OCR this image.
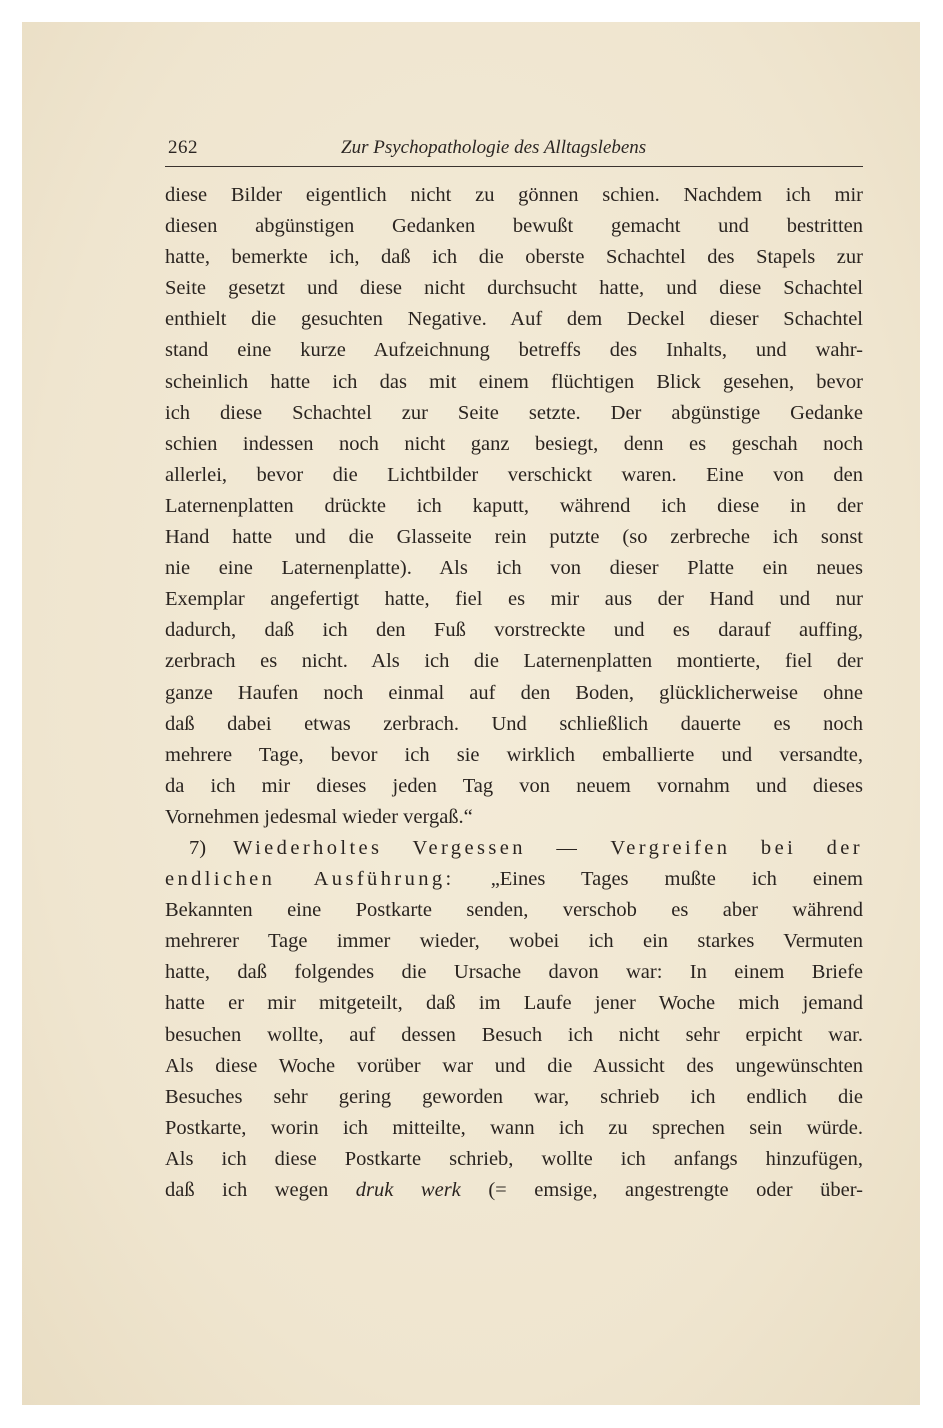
262	Zur Psychopathologie des Alltagslebens
diese Bilder eigentlich nicht zu gönnen schien. Nachdem ich mir
diesen abgünstigen Gedanken bewußt gemacht und bestritten
hatte, bemerkte ich, daß ich die oberste Schachtel des Stapels zur
Seite gesetzt und diese nicht durchsucht hatte, und diese Schachtel
enthielt die gesuchten Negative. Auf dem Deckel dieser Schachtel
stand eine kurze Aufzeichnung betreffs des Inhalts, und wahr-
scheinlich hatte ich das mit einem flüchtigen Blick gesehen, bevor
ich diese Schachtel zur Seite setzte. Der abgünstige Gedanke
schien indessen noch nicht ganz besiegt, denn es geschah noch
allerlei, bevor die Lichtbilder verschickt waren. Eine von den
Laternenplatten drückte ich kaputt, während ich diese in der
Hand hatte und die Glasseite rein putzte (so zerbreche ich sonst
nie eine Laternenplatte). Als ich von dieser Platte ein neues
Exemplar angefertigt hatte, fiel es mir aus der Hand und nur
dadurch, daß ich den Fuß vorstreckte und es darauf auffing,
zerbrach es nicht. Als ich die Laternenplatten montierte, fiel der
ganze Haufen noch einmal auf den Boden, glücklicherweise ohne
daß dabei etwas zerbrach. Und schließlich dauerte es noch
mehrere Tage, bevor ich sie wirklich emballierte und versandte,
da ich mir dieses jeden Tag von neuem vornahm und dieses
Vornehmen jedesmal wieder vergaß.“
7) Wiederholtes Vergessen — Vergreifen bei der
endlichen Ausführung: „Eines Tages mußte ich einem
Bekannten eine Postkarte senden, verschob es aber während
mehrerer Tage immer wieder, wobei ich ein starkes Vermuten
hatte, daß folgendes die Ursache davon war: In einem Briefe
hatte er mir mitgeteilt, daß im Laufe jener Woche mich jemand
besuchen wollte, auf dessen Besuch ich nicht sehr erpicht war.
Als diese Woche vorüber war und die Aussicht des ungewünschten
Besuches sehr gering geworden war, schrieb ich endlich die
Postkarte, worin ich mitteilte, wann ich zu sprechen sein würde.
Als ich diese Postkarte schrieb, wollte ich anfangs hinzufügen,
daß ich wegen druk werk (= emsige, angestrengte oder über-
